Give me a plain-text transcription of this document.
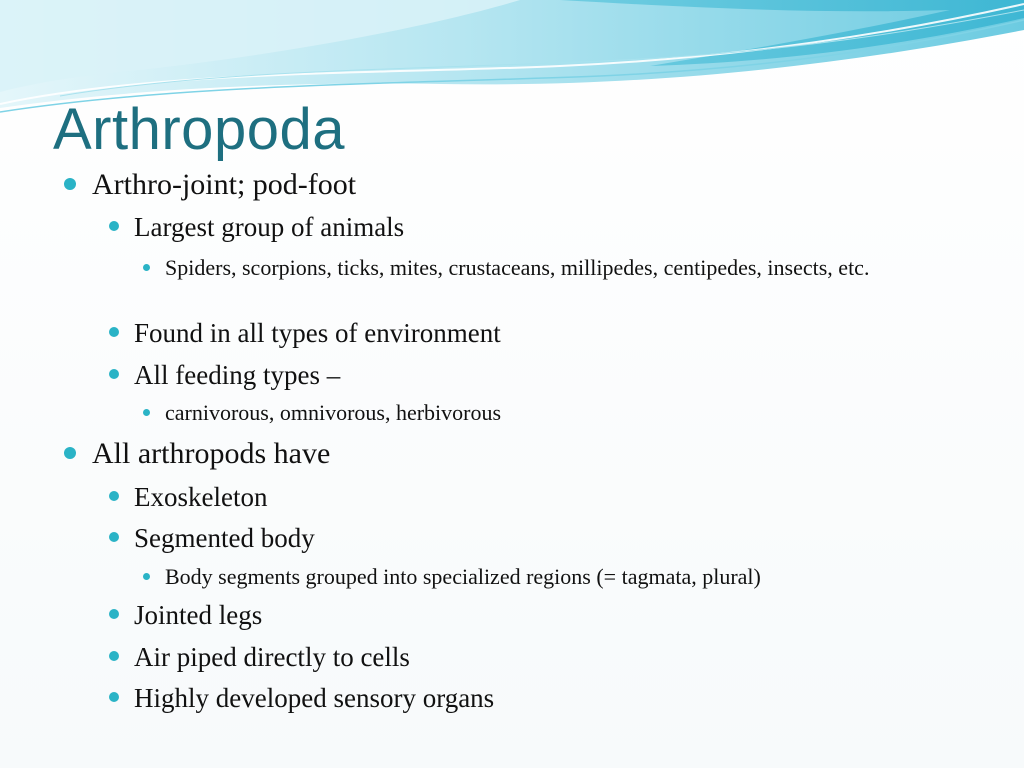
Arthropoda
Arthro-joint; pod-foot
Largest group of animals
Spiders, scorpions, ticks, mites, crustaceans, millipedes, centipedes, insects, etc.
Found in all types of environment
All feeding types –
carnivorous, omnivorous, herbivorous
All arthropods have
Exoskeleton
Segmented body
Body segments grouped into specialized regions (= tagmata, plural)
Jointed legs
Air piped directly to cells
Highly developed sensory organs
